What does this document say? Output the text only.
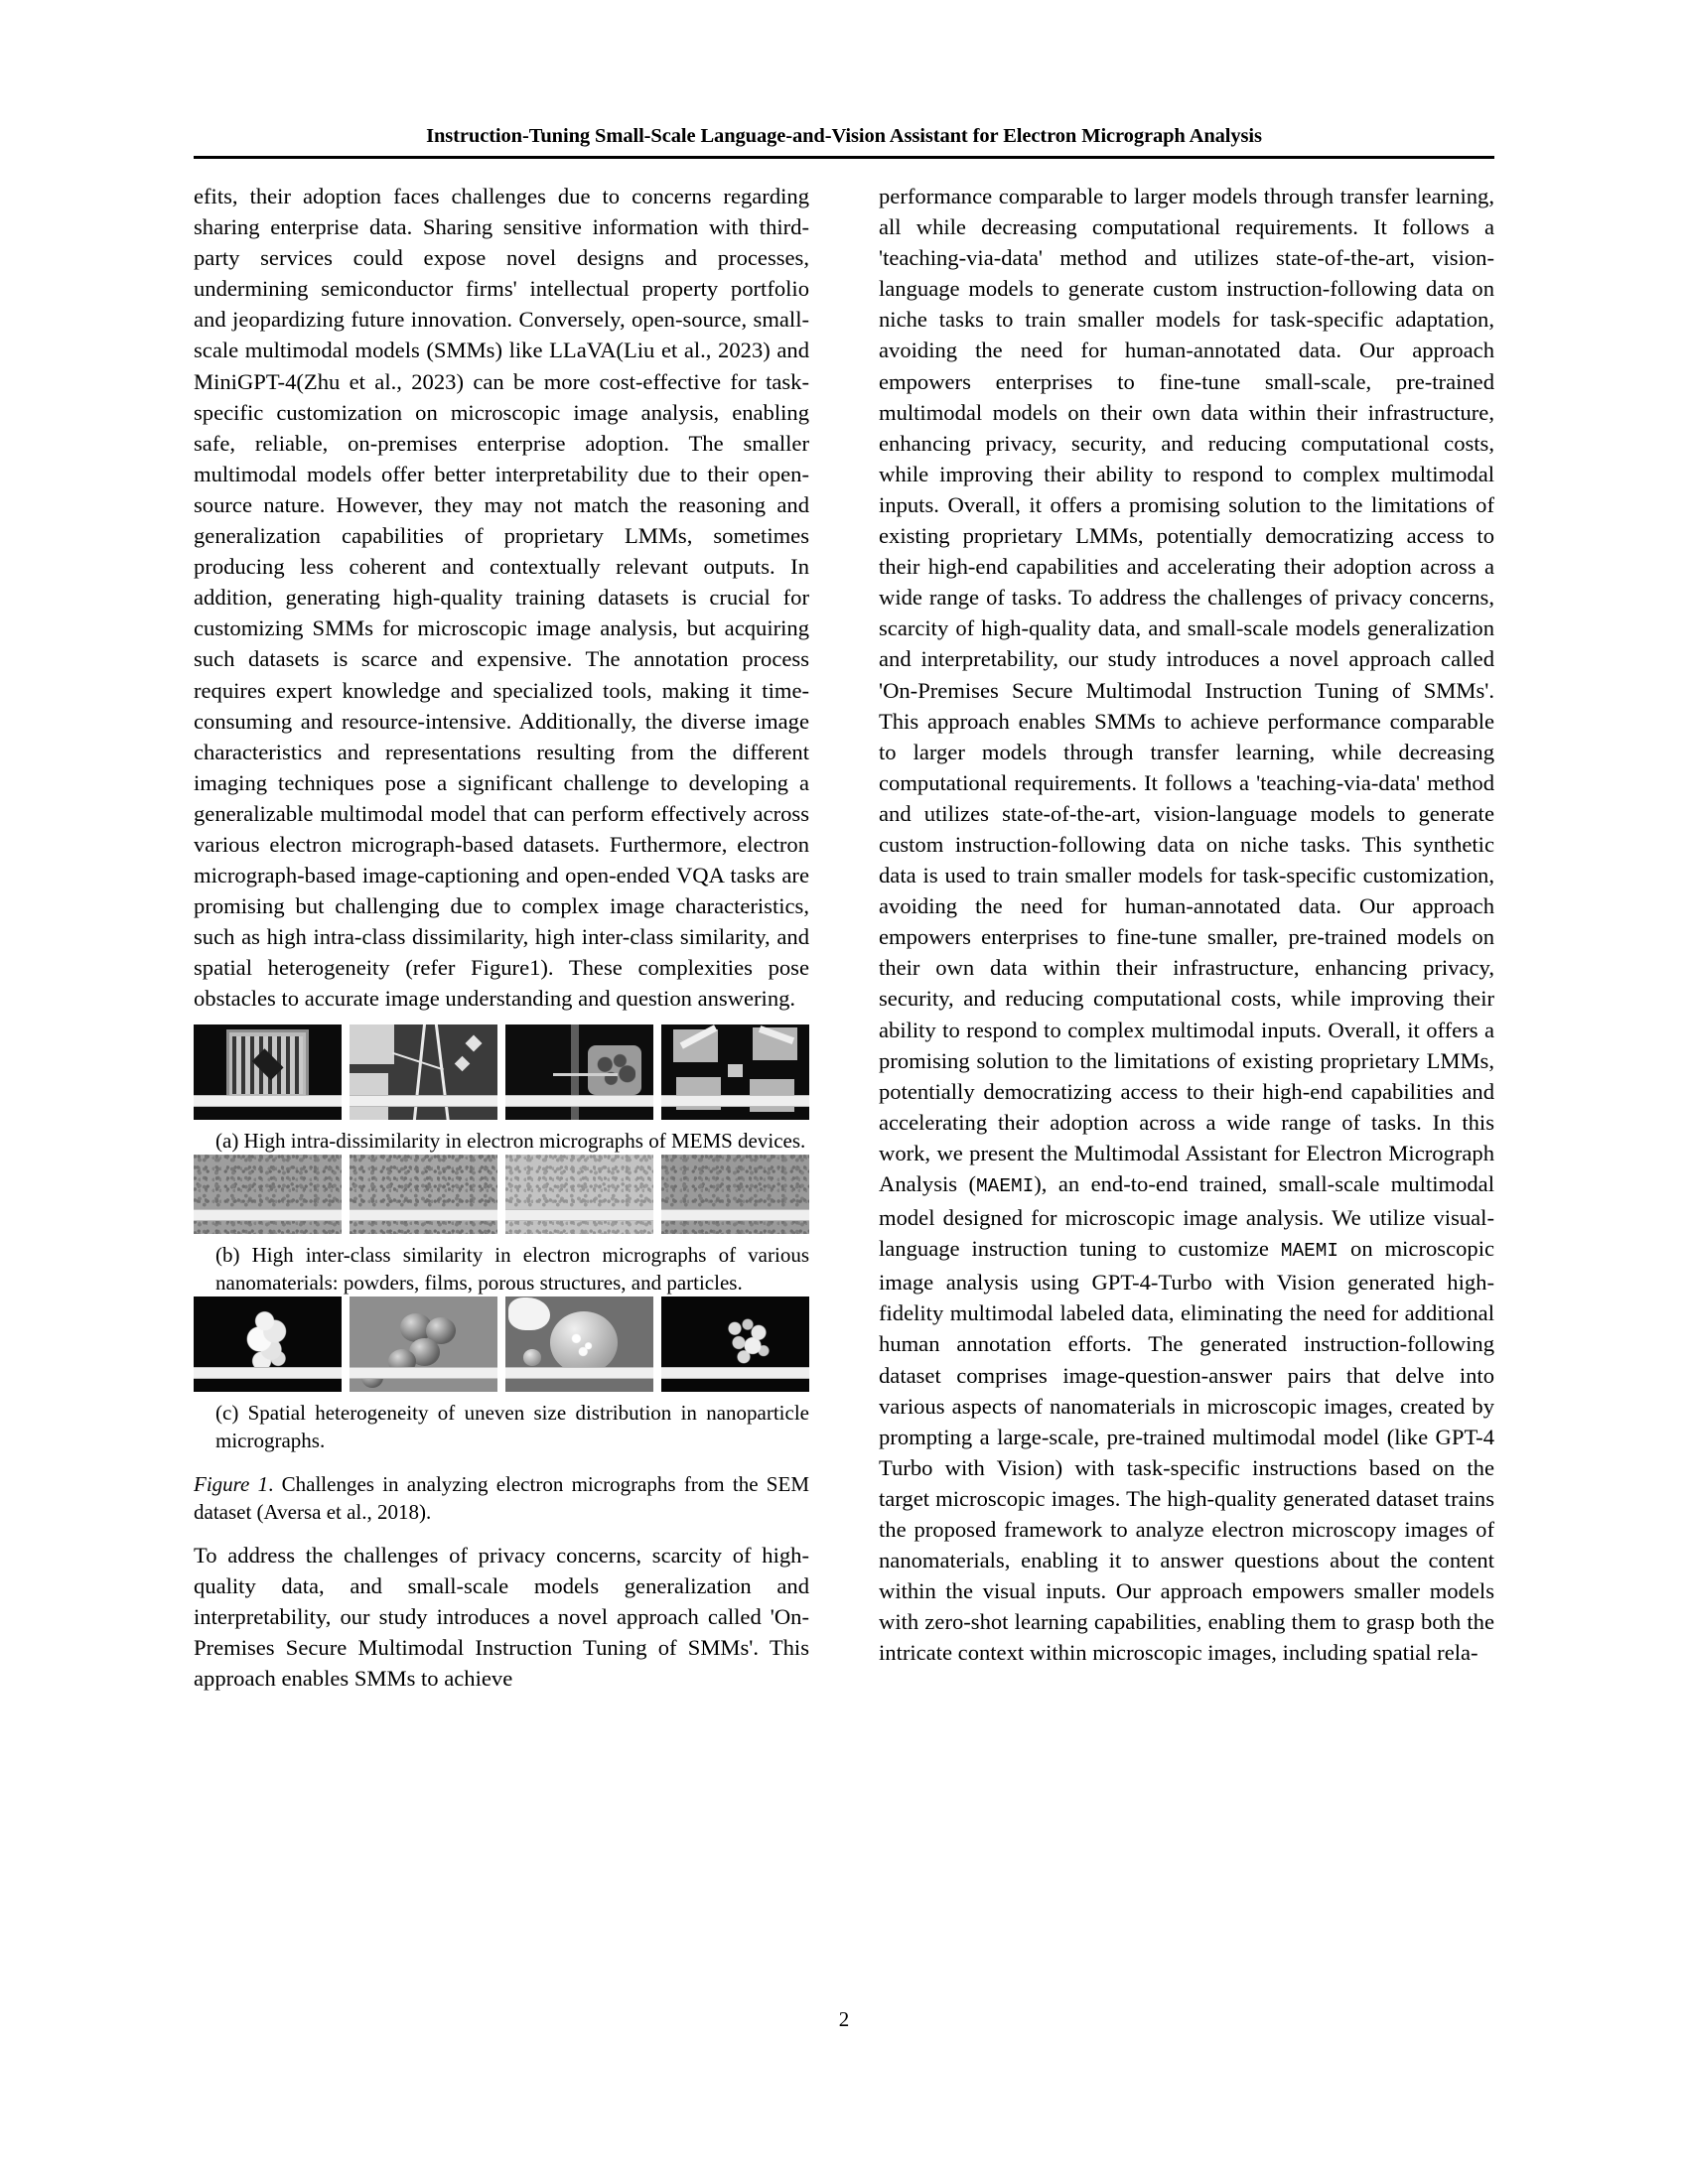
Instruction-Tuning Small-Scale Language-and-Vision Assistant for Electron Micrograph Analysis

efits, their adoption faces challenges due to concerns regarding sharing enterprise data. Sharing sensitive information with third-party services could expose novel designs and processes, undermining semiconductor firms' intellectual property portfolio and jeopardizing future innovation. Conversely, open-source, small-scale multimodal models (SMMs) like LLaVA(Liu et al., 2023) and MiniGPT-4(Zhu et al., 2023) can be more cost-effective for task-specific customization on microscopic image analysis, enabling safe, reliable, on-premises enterprise adoption. The smaller multimodal models offer better interpretability due to their open-source nature. However, they may not match the reasoning and generalization capabilities of proprietary LMMs, sometimes producing less coherent and contextually relevant outputs. In addition, generating high-quality training datasets is crucial for customizing SMMs for microscopic image analysis, but acquiring such datasets is scarce and expensive. The annotation process requires expert knowledge and specialized tools, making it time-consuming and resource-intensive. Additionally, the diverse image characteristics and representations resulting from the different imaging techniques pose a significant challenge to developing a generalizable multimodal model that can perform effectively across various electron micrograph-based datasets. Furthermore, electron micrograph-based image-captioning and open-ended VQA tasks are promising but challenging due to complex image characteristics, such as high intra-class dissimilarity, high inter-class similarity, and spatial heterogeneity (refer Figure1). These complexities pose obstacles to accurate image understanding and question answering.

(a) High intra-dissimilarity in electron micrographs of MEMS devices.

(b) High inter-class similarity in electron micrographs of various nanomaterials: powders, films, porous structures, and particles.

(c) Spatial heterogeneity of uneven size distribution in nanoparticle micrographs.

Figure 1. Challenges in analyzing electron micrographs from the SEM dataset (Aversa et al., 2018).

To address the challenges of privacy concerns, scarcity of high-quality data, and small-scale models generalization and interpretability, our study introduces a novel approach called 'On-Premises Secure Multimodal Instruction Tuning of SMMs'. This approach enables SMMs to achieve

performance comparable to larger models through transfer learning, all while decreasing computational requirements. It follows a 'teaching-via-data' method and utilizes state-of-the-art, vision-language models to generate custom instruction-following data on niche tasks to train smaller models for task-specific adaptation, avoiding the need for human-annotated data. Our approach empowers enterprises to fine-tune small-scale, pre-trained multimodal models on their own data within their infrastructure, enhancing privacy, security, and reducing computational costs, while improving their ability to respond to complex multimodal inputs. Overall, it offers a promising solution to the limitations of existing proprietary LMMs, potentially democratizing access to their high-end capabilities and accelerating their adoption across a wide range of tasks. To address the challenges of privacy concerns, scarcity of high-quality data, and small-scale models generalization and interpretability, our study introduces a novel approach called 'On-Premises Secure Multimodal Instruction Tuning of SMMs'. This approach enables SMMs to achieve performance comparable to larger models through transfer learning, while decreasing computational requirements. It follows a 'teaching-via-data' method and utilizes state-of-the-art, vision-language models to generate custom instruction-following data on niche tasks. This synthetic data is used to train smaller models for task-specific customization, avoiding the need for human-annotated data. Our approach empowers enterprises to fine-tune smaller, pre-trained models on their own data within their infrastructure, enhancing privacy, security, and reducing computational costs, while improving their ability to respond to complex multimodal inputs. Overall, it offers a promising solution to the limitations of existing proprietary LMMs, potentially democratizing access to their high-end capabilities and accelerating their adoption across a wide range of tasks. In this work, we present the Multimodal Assistant for Electron Micrograph Analysis (MAEMI), an end-to-end trained, small-scale multimodal model designed for microscopic image analysis. We utilize visual-language instruction tuning to customize MAEMI on microscopic image analysis using GPT-4-Turbo with Vision generated high-fidelity multimodal labeled data, eliminating the need for additional human annotation efforts. The generated instruction-following dataset comprises image-question-answer pairs that delve into various aspects of nanomaterials in microscopic images, created by prompting a large-scale, pre-trained multimodal model (like GPT-4 Turbo with Vision) with task-specific instructions based on the target microscopic images. The high-quality generated dataset trains the proposed framework to analyze electron microscopy images of nanomaterials, enabling it to answer questions about the content within the visual inputs. Our approach empowers smaller models with zero-shot learning capabilities, enabling them to grasp both the intricate context within microscopic images, including spatial rela-

2
